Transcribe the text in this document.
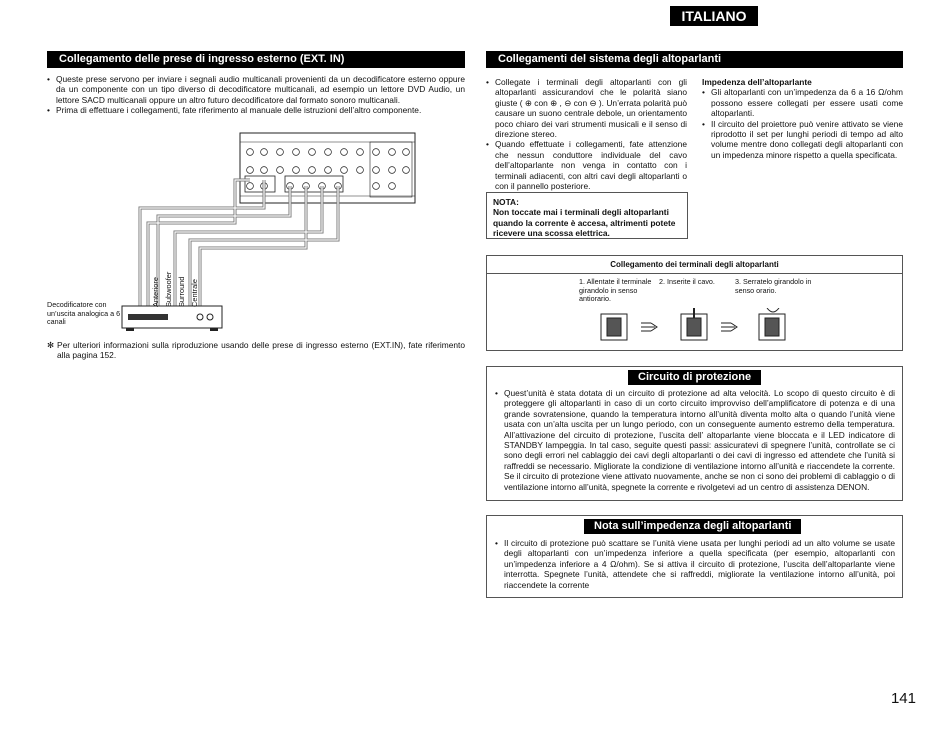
ITALIANO
Collegamento delle prese di ingresso esterno (EXT. IN)
• Queste prese servono per inviare i segnali audio multicanali provenienti da un decodificatore esterno oppure da un componente con un tipo diverso di decodificatore multicanali, ad esempio un lettore DVD Audio, un lettore SACD multicanali oppure un altro futuro decodificatore dal formato sonoro multicanali.
• Prima di effettuare i collegamenti, fate riferimento al manuale delle istruzioni dell’altro componente.
Anteriore Subwoofer Surround Centrale
Decodificatore con un’uscita analogica a 6 canali
✻ Per ulteriori informazioni sulla riproduzione usando delle prese di ingresso esterno (EXT.IN), fate riferimento alla pagina 152.
Collegamenti del sistema degli altoparlanti
• Collegate i terminali degli altoparlanti con gli altoparlanti assicurandovi che le polarità siano giuste ( ⊕ con ⊕ , ⊖ con ⊖ ). Un’errata polarità può causare un suono centrale debole, un orientamento poco chiaro dei vari strumenti musicali e il senso di direzione stereo.
• Quando effettuate i collegamenti, fate attenzione che nessun conduttore individuale del cavo dell’altoparlante non venga in contatto con i terminali adiacenti, con altri cavi degli altoparlanti o con il pannello posteriore.
NOTA:
Non toccate mai i terminali degli altoparlanti quando la corrente è accesa, altrimenti potete ricevere una scossa elettrica.
Impedenza dell’altoparlante
• Gli altoparlanti con un’impedenza da 6 a 16 Ω/ohm possono essere collegati per essere usati come altoparlanti.
• Il circuito del proiettore può venire attivato se viene riprodotto il set per lunghi periodi di tempo ad alto volume mentre dono collegati degli altoparlanti con un impedenza minore rispetto a quella specificata.
Collegamento dei terminali degli altoparlanti
1. Allentate il terminale girandolo in senso antiorario.
2. Inserite il cavo.	3. Serratelo girandolo in senso orario.
Circuito di protezione
• Quest’unità è stata dotata di un circuito di protezione ad alta velocità. Lo scopo di questo circuito è di proteggere gli altoparlanti in caso di un corto circuito improvviso dell’amplificatore di potenza e di una grande sovratensione, quando la temperatura intorno all’unità diventa molto alta o quando l’unità viene usata con un’alta uscita per un lungo periodo, con un conseguente aumento estremo della temperatura. All’attivazione del circuito di protezione, l’uscita dell’ altoparlante viene bloccata e il LED indicatore di STANDBY lampeggia. In tal caso, seguite questi passi: assicuratevi di spegnere l’unità, controllate se ci sono degli errori nel cablaggio dei cavi degli altoparlanti o dei cavi di ingresso ed attendete che l’unità si raffreddi se necessario. Migliorate la condizione di ventilazione intorno all’unità e riaccendete la corrente. Se il circuito di protezione viene attivato nuovamente, anche se non ci sono dei problemi di cablaggio o di ventilazione intorno all’unità, spegnete la corrente e rivolgetevi ad un centro di assistenza DENON.
Nota sull’impedenza degli altoparlanti
• Il circuito di protezione può scattare se l’unità viene usata per lunghi periodi ad un alto volume se usate degli altoparlanti con un’impedenza inferiore a quella specificata (per esempio, altoparlanti con un’impedenza inferiore a 4 Ω/ohm). Se si attiva il circuito di protezione, l’uscita dell’altoparlante viene interrotta. Spegnete l’unità, attendete che si raffreddi, migliorate la ventilazione intorno all’unità, poi riaccendete la corrente
141
